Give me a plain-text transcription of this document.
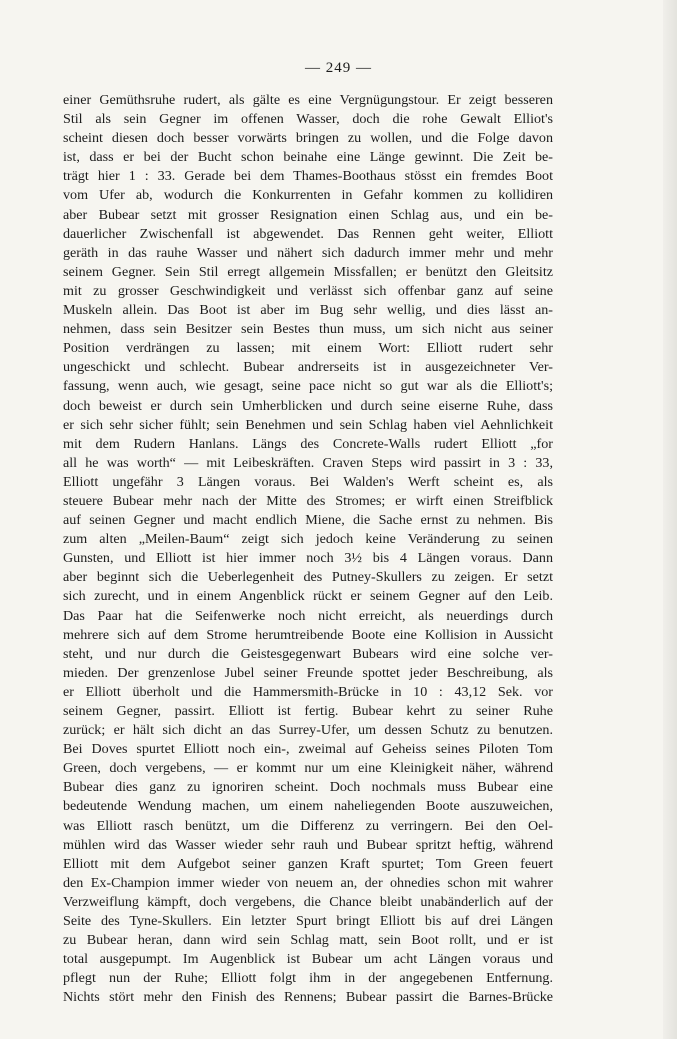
— 249 —
einer Gemüthsruhe rudert, als gälte es eine Vergnügungstour. Er zeigt besseren
Stil als sein Gegner im offenen Wasser, doch die rohe Gewalt Elliot's
scheint diesen doch besser vorwärts bringen zu wollen, und die Folge davon
ist, dass er bei der Bucht schon beinahe eine Länge gewinnt. Die Zeit be-
trägt hier 1 : 33. Gerade bei dem Thames-Boothaus stösst ein fremdes Boot
vom Ufer ab, wodurch die Konkurrenten in Gefahr kommen zu kollidiren
aber Bubear setzt mit grosser Resignation einen Schlag aus, und ein be-
dauerlicher Zwischenfall ist abgewendet. Das Rennen geht weiter, Elliott
geräth in das rauhe Wasser und nähert sich dadurch immer mehr und mehr
seinem Gegner. Sein Stil erregt allgemein Missfallen; er benützt den Gleitsitz
mit zu grosser Geschwindigkeit und verlässt sich offenbar ganz auf seine
Muskeln allein. Das Boot ist aber im Bug sehr wellig, und dies lässt an-
nehmen, dass sein Besitzer sein Bestes thun muss, um sich nicht aus seiner
Position verdrängen zu lassen; mit einem Wort: Elliott rudert sehr
ungeschickt und schlecht. Bubear andrerseits ist in ausgezeichneter Ver-
fassung, wenn auch, wie gesagt, seine pace nicht so gut war als die Elliott's;
doch beweist er durch sein Umherblicken und durch seine eiserne Ruhe, dass
er sich sehr sicher fühlt; sein Benehmen und sein Schlag haben viel Aehnlichkeit
mit dem Rudern Hanlans. Längs des Concrete-Walls rudert Elliott „for
all he was worth“ — mit Leibeskräften. Craven Steps wird passirt in 3 : 33,
Elliott ungefähr 3 Längen voraus. Bei Walden's Werft scheint es, als
steuere Bubear mehr nach der Mitte des Stromes; er wirft einen Streifblick
auf seinen Gegner und macht endlich Miene, die Sache ernst zu nehmen. Bis
zum alten „Meilen-Baum“ zeigt sich jedoch keine Veränderung zu seinen
Gunsten, und Elliott ist hier immer noch 3½ bis 4 Längen voraus. Dann
aber beginnt sich die Ueberlegenheit des Putney-Skullers zu zeigen. Er setzt
sich zurecht, und in einem Angenblick rückt er seinem Gegner auf den Leib.
Das Paar hat die Seifenwerke noch nicht erreicht, als neuerdings durch
mehrere sich auf dem Strome herumtreibende Boote eine Kollision in Aussicht
steht, und nur durch die Geistesgegenwart Bubears wird eine solche ver-
mieden. Der grenzenlose Jubel seiner Freunde spottet jeder Beschreibung, als
er Elliott überholt und die Hammersmith-Brücke in 10 : 43,12 Sek. vor
seinem Gegner, passirt. Elliott ist fertig. Bubear kehrt zu seiner Ruhe
zurück; er hält sich dicht an das Surrey-Ufer, um dessen Schutz zu benutzen.
Bei Doves spurtet Elliott noch ein-, zweimal auf Geheiss seines Piloten Tom
Green, doch vergebens, — er kommt nur um eine Kleinigkeit näher, während
Bubear dies ganz zu ignoriren scheint. Doch nochmals muss Bubear eine
bedeutende Wendung machen, um einem naheliegenden Boote auszuweichen,
was Elliott rasch benützt, um die Differenz zu verringern. Bei den Oel-
mühlen wird das Wasser wieder sehr rauh und Bubear spritzt heftig, während
Elliott mit dem Aufgebot seiner ganzen Kraft spurtet; Tom Green feuert
den Ex-Champion immer wieder von neuem an, der ohnedies schon mit wahrer
Verzweiflung kämpft, doch vergebens, die Chance bleibt unabänderlich auf der
Seite des Tyne-Skullers. Ein letzter Spurt bringt Elliott bis auf drei Längen
zu Bubear heran, dann wird sein Schlag matt, sein Boot rollt, und er ist
total ausgepumpt. Im Augenblick ist Bubear um acht Längen voraus und
pflegt nun der Ruhe; Elliott folgt ihm in der angegebenen Entfernung.
Nichts stört mehr den Finish des Rennens; Bubear passirt die Barnes-Brücke
